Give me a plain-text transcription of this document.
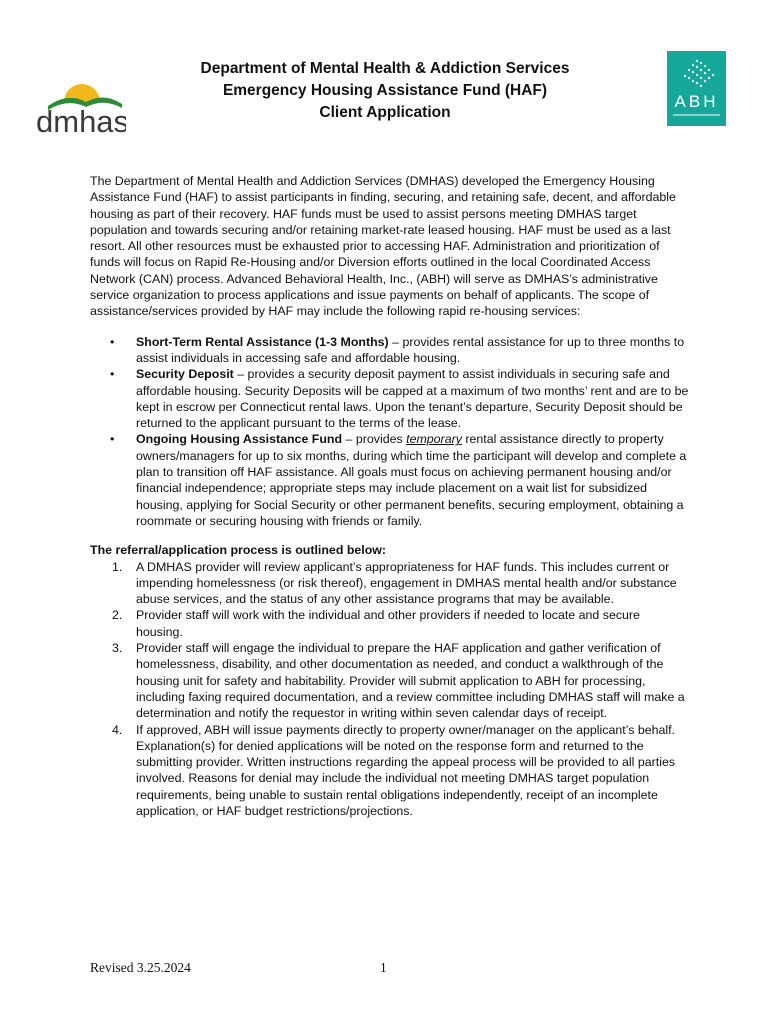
dmhas
ABH
Department of Mental Health & Addiction Services
Emergency Housing Assistance Fund (HAF)
Client Application

The Department of Mental Health and Addiction Services (DMHAS) developed the Emergency Housing Assistance Fund (HAF) to assist participants in finding, securing, and retaining safe, decent, and affordable housing as part of their recovery. HAF funds must be used to assist persons meeting DMHAS target population and towards securing and/or retaining market-rate leased housing. HAF must be used as a last resort. All other resources must be exhausted prior to accessing HAF. Administration and prioritization of funds will focus on Rapid Re-Housing and/or Diversion efforts outlined in the local Coordinated Access Network (CAN) process. Advanced Behavioral Health, Inc., (ABH) will serve as DMHAS’s administrative service organization to process applications and issue payments on behalf of applicants. The scope of assistance/services provided by HAF may include the following rapid re-housing services:

• Short-Term Rental Assistance (1-3 Months) – provides rental assistance for up to three months to assist individuals in accessing safe and affordable housing.
• Security Deposit – provides a security deposit payment to assist individuals in securing safe and affordable housing. Security Deposits will be capped at a maximum of two months’ rent and are to be kept in escrow per Connecticut rental laws. Upon the tenant’s departure, Security Deposit should be returned to the applicant pursuant to the terms of the lease.
• Ongoing Housing Assistance Fund – provides temporary rental assistance directly to property owners/managers for up to six months, during which time the participant will develop and complete a plan to transition off HAF assistance. All goals must focus on achieving permanent housing and/or financial independence; appropriate steps may include placement on a wait list for subsidized housing, applying for Social Security or other permanent benefits, securing employment, obtaining a roommate or securing housing with friends or family.

The referral/application process is outlined below:

1. A DMHAS provider will review applicant’s appropriateness for HAF funds. This includes current or impending homelessness (or risk thereof), engagement in DMHAS mental health and/or substance abuse services, and the status of any other assistance programs that may be available.
2. Provider staff will work with the individual and other providers if needed to locate and secure housing.
3. Provider staff will engage the individual to prepare the HAF application and gather verification of homelessness, disability, and other documentation as needed, and conduct a walkthrough of the housing unit for safety and habitability. Provider will submit application to ABH for processing, including faxing required documentation, and a review committee including DMHAS staff will make a determination and notify the requestor in writing within seven calendar days of receipt.
4. If approved, ABH will issue payments directly to property owner/manager on the applicant’s behalf. Explanation(s) for denied applications will be noted on the response form and returned to the submitting provider. Written instructions regarding the appeal process will be provided to all parties involved. Reasons for denial may include the individual not meeting DMHAS target population requirements, being unable to sustain rental obligations independently, receipt of an incomplete application, or HAF budget restrictions/projections.
Revised 3.25.2024	1
